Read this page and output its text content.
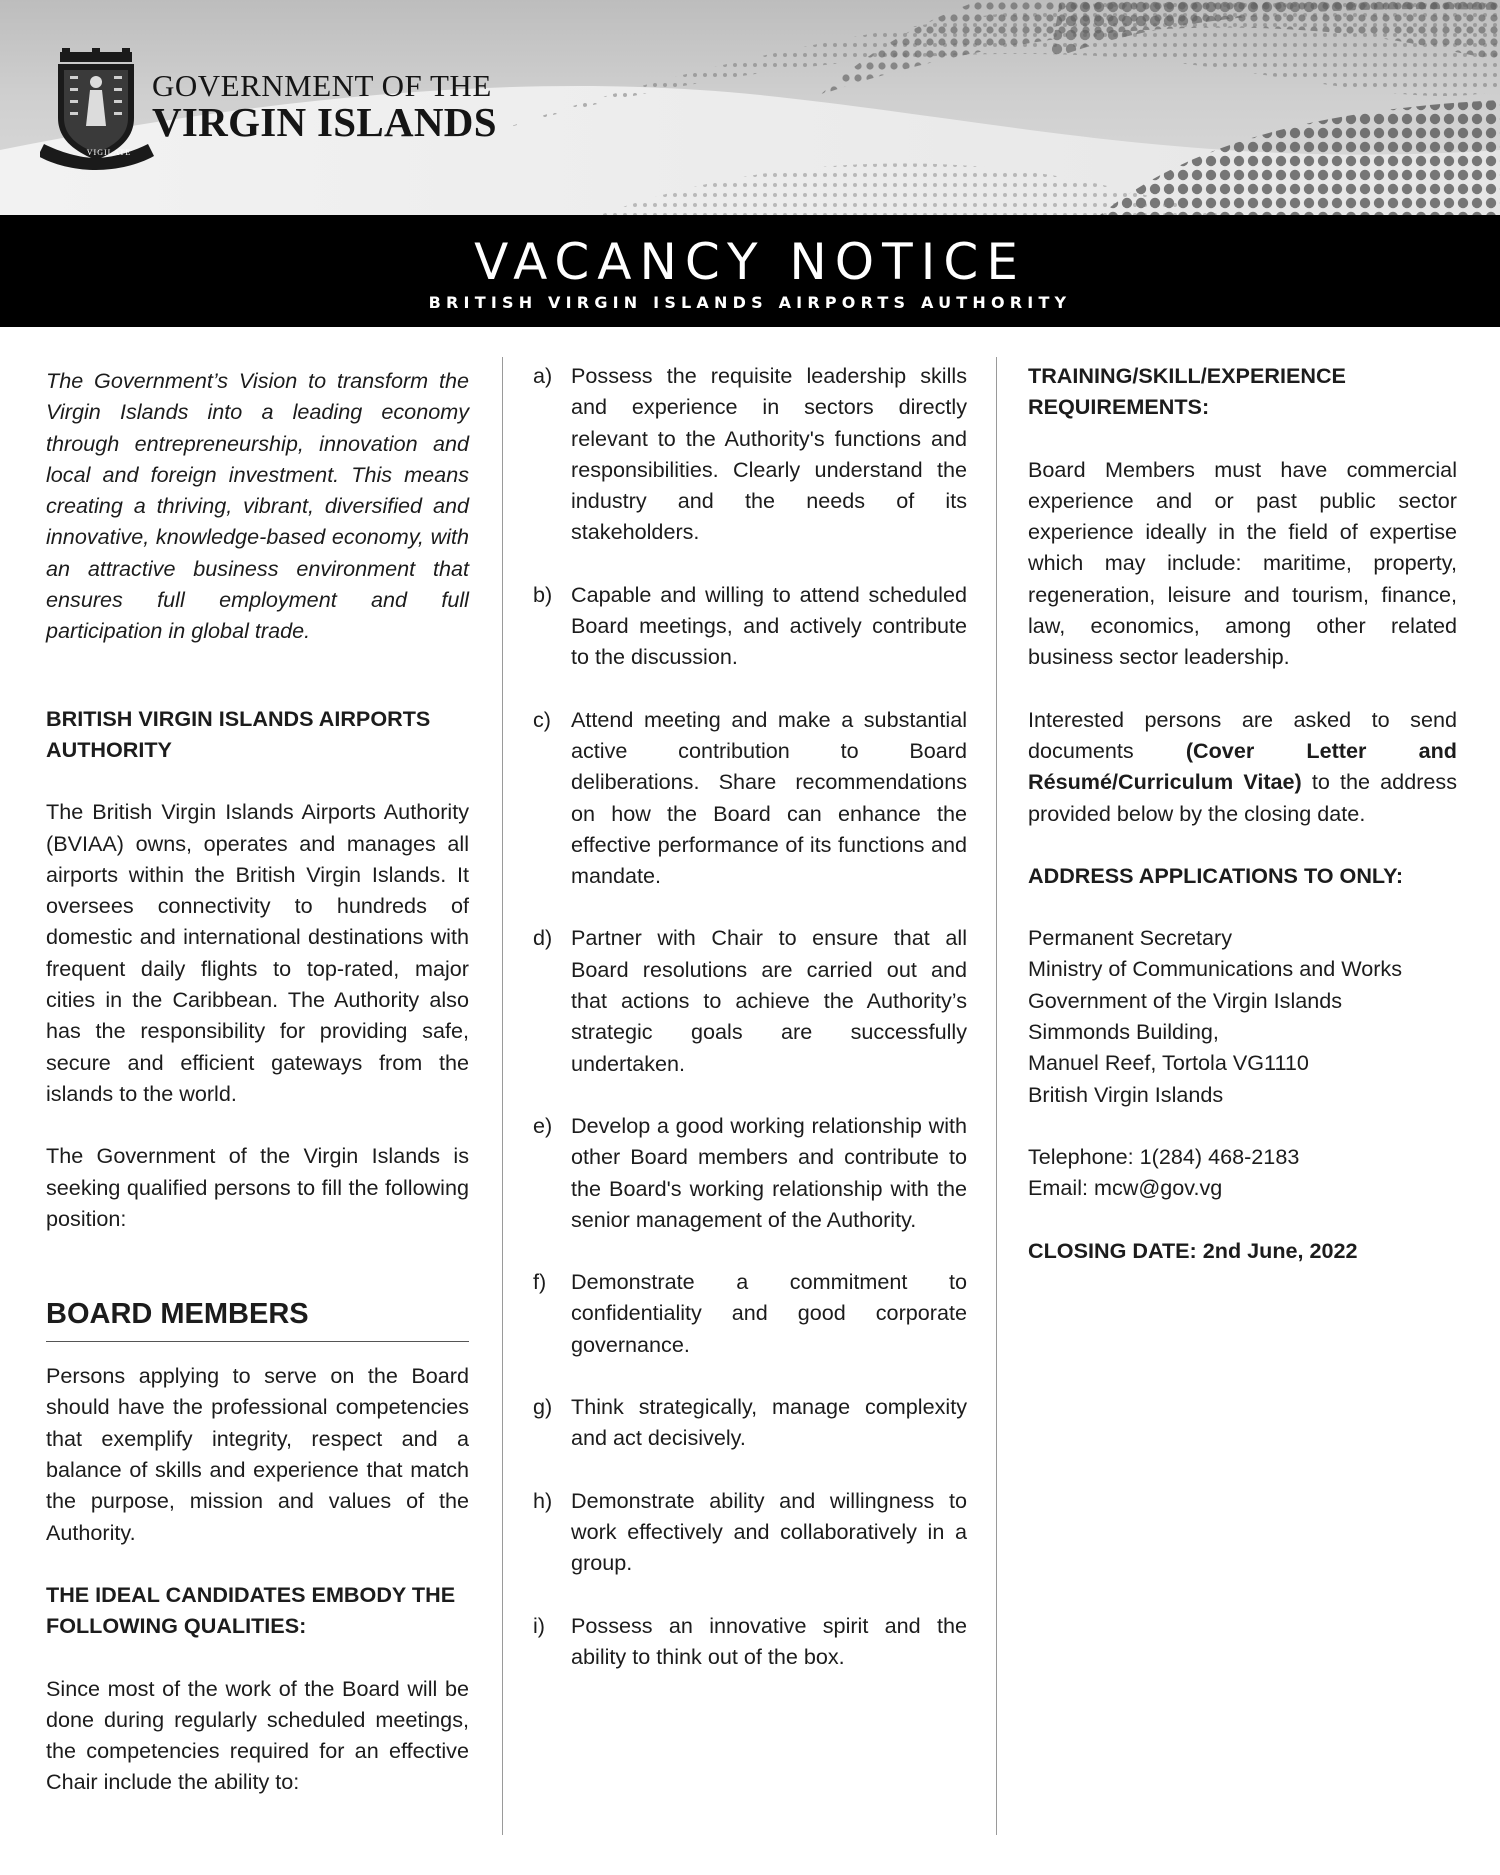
VIGILATE
GOVERNMENT OF THE
VIRGIN ISLANDS
VACANCY NOTICE
BRITISH VIRGIN ISLANDS AIRPORTS AUTHORITY

The Government’s Vision to transform the Virgin Islands into a leading economy through entrepreneurship, innovation and local and foreign investment. This means creating a thriving, vibrant, diversified and innovative, knowledge-based economy, with an attractive business environment that ensures full employment and full participation in global trade.

BRITISH VIRGIN ISLANDS AIRPORTS AUTHORITY

The British Virgin Islands Airports Authority (BVIAA) owns, operates and manages all airports within the British Virgin Islands. It oversees connectivity to hundreds of domestic and international destinations with frequent daily flights to top-rated, major cities in the Caribbean. The Authority also has the responsibility for providing safe, secure and efficient gateways from the islands to the world.

The Government of the Virgin Islands is seeking qualified persons to fill the following position:

BOARD MEMBERS

Persons applying to serve on the Board should have the professional competencies that exemplify integrity, respect and a balance of skills and experience that match the purpose, mission and values of the Authority.

THE IDEAL CANDIDATES EMBODY THE FOLLOWING QUALITIES:

Since most of the work of the Board will be done during regularly scheduled meetings, the competencies required for an effective Chair include the ability to:

a) Possess the requisite leadership skills and experience in sectors directly relevant to the Authority's functions and responsibilities. Clearly understand the industry and the needs of its stakeholders.
b) Capable and willing to attend scheduled Board meetings, and actively contribute to the discussion.
c) Attend meeting and make a substantial active contribution to Board deliberations. Share recommendations on how the Board can enhance the effective performance of its functions and mandate.
d) Partner with Chair to ensure that all Board resolutions are carried out and that actions to achieve the Authority’s strategic goals are successfully undertaken.
e) Develop a good working relationship with other Board members and contribute to the Board's working relationship with the senior management of the Authority.
f) Demonstrate a commitment to confidentiality and good corporate governance.
g) Think strategically, manage complexity and act decisively.
h) Demonstrate ability and willingness to work effectively and collaboratively in a group.
i) Possess an innovative spirit and the ability to think out of the box.

TRAINING/SKILL/EXPERIENCE REQUIREMENTS:

Board Members must have commercial experience and or past public sector experience ideally in the field of expertise which may include: maritime, property, regeneration, leisure and tourism, finance, law, economics, among other related business sector leadership.

Interested persons are asked to send documents (Cover Letter and Résumé/Curriculum Vitae) to the address provided below by the closing date.

ADDRESS APPLICATIONS TO ONLY:

Permanent Secretary
Ministry of Communications and Works
Government of the Virgin Islands
Simmonds Building,
Manuel Reef, Tortola VG1110
British Virgin Islands
Telephone: 1(284) 468-2183
Email: mcw@gov.vg

CLOSING DATE: 2nd June, 2022
